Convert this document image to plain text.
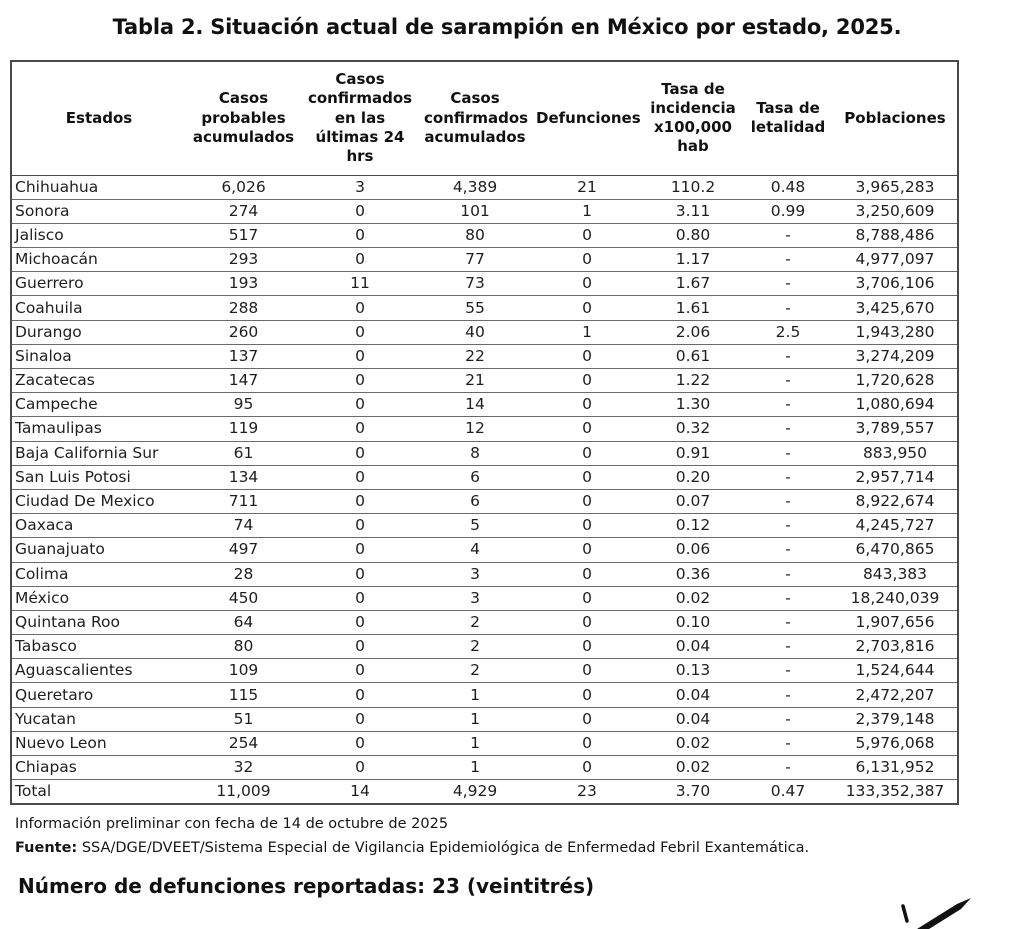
Tabla 2. Situación actual de sarampión en México por estado, 2025.
Estados	Casos probables acumulados	Casos confirmados en las últimas 24 hrs	Casos confirmados acumulados	Defunciones	Tasa de incidencia x100,000 hab	Tasa de letalidad	Poblaciones
Chihuahua	6,026	3	4,389	21	110.2	0.48	3,965,283
Sonora	274	0	101	1	3.11	0.99	3,250,609
Jalisco	517	0	80	0	0.80	-	8,788,486
Michoacán	293	0	77	0	1.17	-	4,977,097
Guerrero	193	11	73	0	1.67	-	3,706,106
Coahuila	288	0	55	0	1.61	-	3,425,670
Durango	260	0	40	1	2.06	2.5	1,943,280
Sinaloa	137	0	22	0	0.61	-	3,274,209
Zacatecas	147	0	21	0	1.22	-	1,720,628
Campeche	95	0	14	0	1.30	-	1,080,694
Tamaulipas	119	0	12	0	0.32	-	3,789,557
Baja California Sur	61	0	8	0	0.91	-	883,950
San Luis Potosi	134	0	6	0	0.20	-	2,957,714
Ciudad De Mexico	711	0	6	0	0.07	-	8,922,674
Oaxaca	74	0	5	0	0.12	-	4,245,727
Guanajuato	497	0	4	0	0.06	-	6,470,865
Colima	28	0	3	0	0.36	-	843,383
México	450	0	3	0	0.02	-	18,240,039
Quintana Roo	64	0	2	0	0.10	-	1,907,656
Tabasco	80	0	2	0	0.04	-	2,703,816
Aguascalientes	109	0	2	0	0.13	-	1,524,644
Queretaro	115	0	1	0	0.04	-	2,472,207
Yucatan	51	0	1	0	0.04	-	2,379,148
Nuevo Leon	254	0	1	0	0.02	-	5,976,068
Chiapas	32	0	1	0	0.02	-	6,131,952
Total	11,009	14	4,929	23	3.70	0.47	133,352,387

Información preliminar con fecha de 14 de octubre de 2025

Fuente: SSA/DGE/DVEET/Sistema Especial de Vigilancia Epidemiológica de Enfermedad Febril Exantemática.

Número de defunciones reportadas: 23 (veintitrés)
